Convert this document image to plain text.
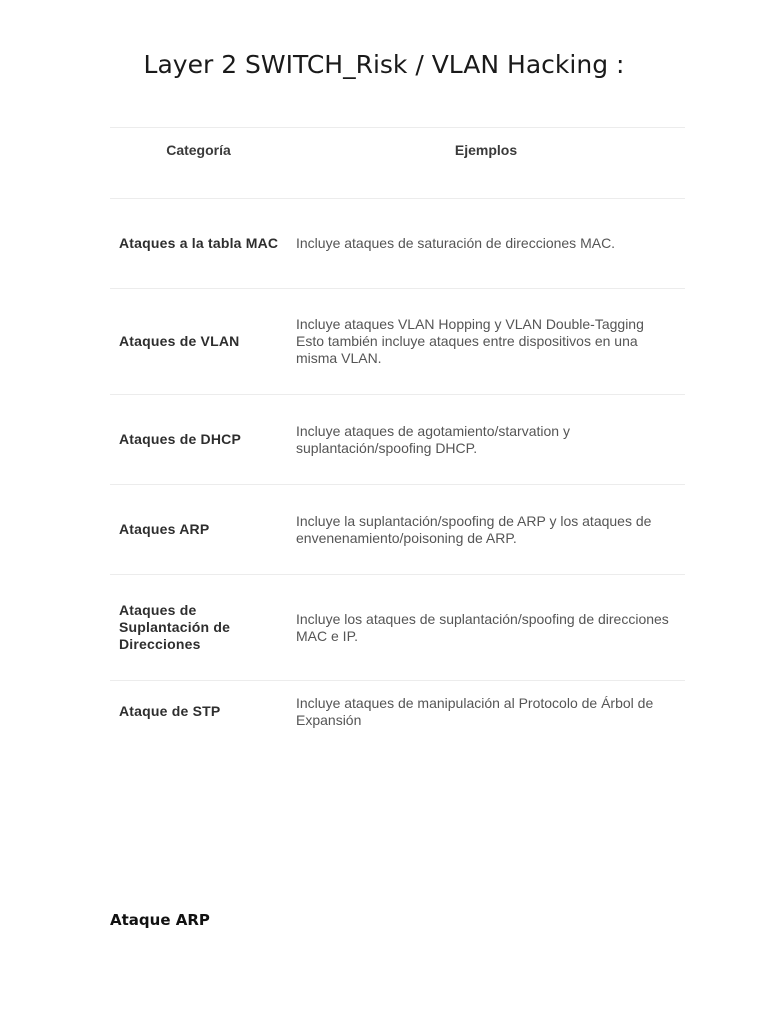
Layer 2 SWITCH_Risk / VLAN Hacking :
Categoría	Ejemplos
Ataques a la tabla MAC	Incluye ataques de saturación de direcciones MAC.
Ataques de VLAN	Incluye ataques VLAN Hopping y VLAN Double-Tagging Esto también incluye ataques entre dispositivos en una misma VLAN.
Ataques de DHCP	Incluye ataques de agotamiento/starvation y suplantación/spoofing DHCP.
Ataques ARP	Incluye la suplantación/spoofing de ARP y los ataques de envenenamiento/poisoning de ARP.
Ataques de Suplantación de Direcciones	Incluye los ataques de suplantación/spoofing de direcciones MAC e IP.
Ataque de STP	Incluye ataques de manipulación al Protocolo de Árbol de Expansión
Ataque ARP
